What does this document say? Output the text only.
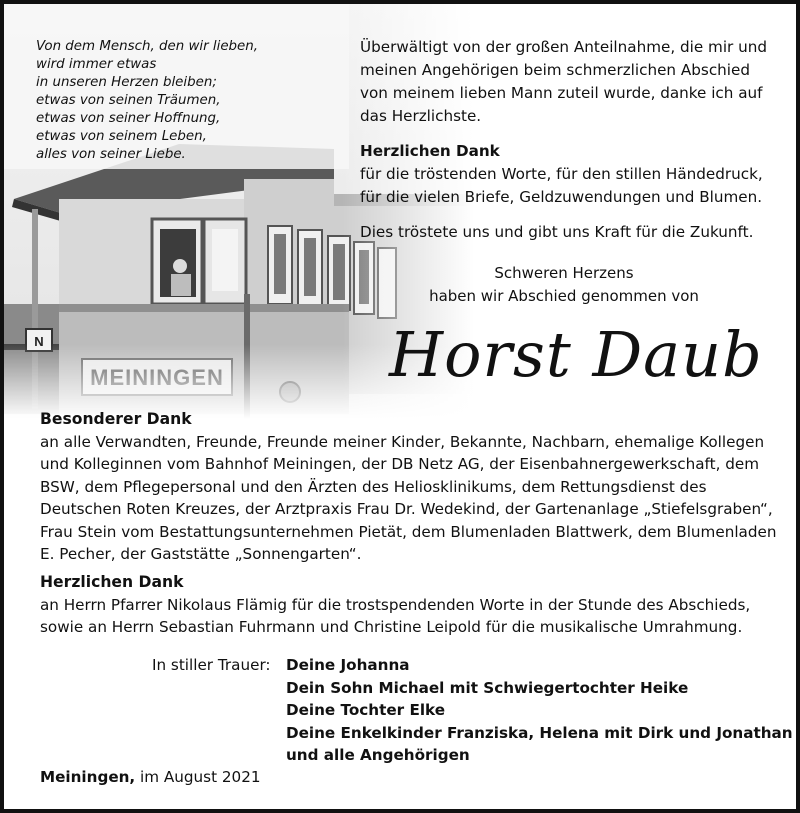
Von dem Mensch, den wir lieben,
wird immer etwas
in unseren Herzen bleiben;
etwas von seinen Träumen,
etwas von seiner Hoffnung,
etwas von seinem Leben,
alles von seiner Liebe.

Überwältigt von der großen Anteilnahme, die mir und meinen Angehörigen beim schmerzlichen Abschied von meinem lieben Mann zuteil wurde, danke ich auf das Herzlichste.

Herzlichen Dank

für die tröstenden Worte, für den stillen Händedruck,

für die vielen Briefe, Geldzuwendungen und Blumen.

Dies tröstete uns und gibt uns Kraft für die Zukunft.

Schweren Herzens
haben wir Abschied genommen von
Horst Daub

Besonderer Dank

an alle Verwandten, Freunde, Freunde meiner Kinder, Bekannte, Nachbarn, ehemalige Kollegen und Kolleginnen vom Bahnhof Meiningen, der DB Netz AG, der Eisenbahnergewerkschaft, dem BSW, dem Pflegepersonal und den Ärzten des Heliosklinikums, dem Rettungsdienst des Deutschen Roten Kreuzes, der Arztpraxis Frau Dr. Wedekind, der Gartenanlage „Stiefelsgraben“, Frau Stein vom Bestattungsunternehmen Pietät, dem Blumenladen Blattwerk, dem Blumenladen E. Pecher, der Gaststätte „Sonnengarten“.

Herzlichen Dank

an Herrn Pfarrer Nikolaus Flämig für die trostspendenden Worte in der Stunde des Abschieds, sowie an Herrn Sebastian Fuhrmann und Christine Leipold für die musikalische Umrahmung.

In stiller Trauer: Deine Johanna
Dein Sohn Michael mit Schwiegertochter Heike
Deine Tochter Elke
Deine Enkelkinder Franziska, Helena mit Dirk und Jonathan
und alle Angehörigen
Meiningen, im August 2021
